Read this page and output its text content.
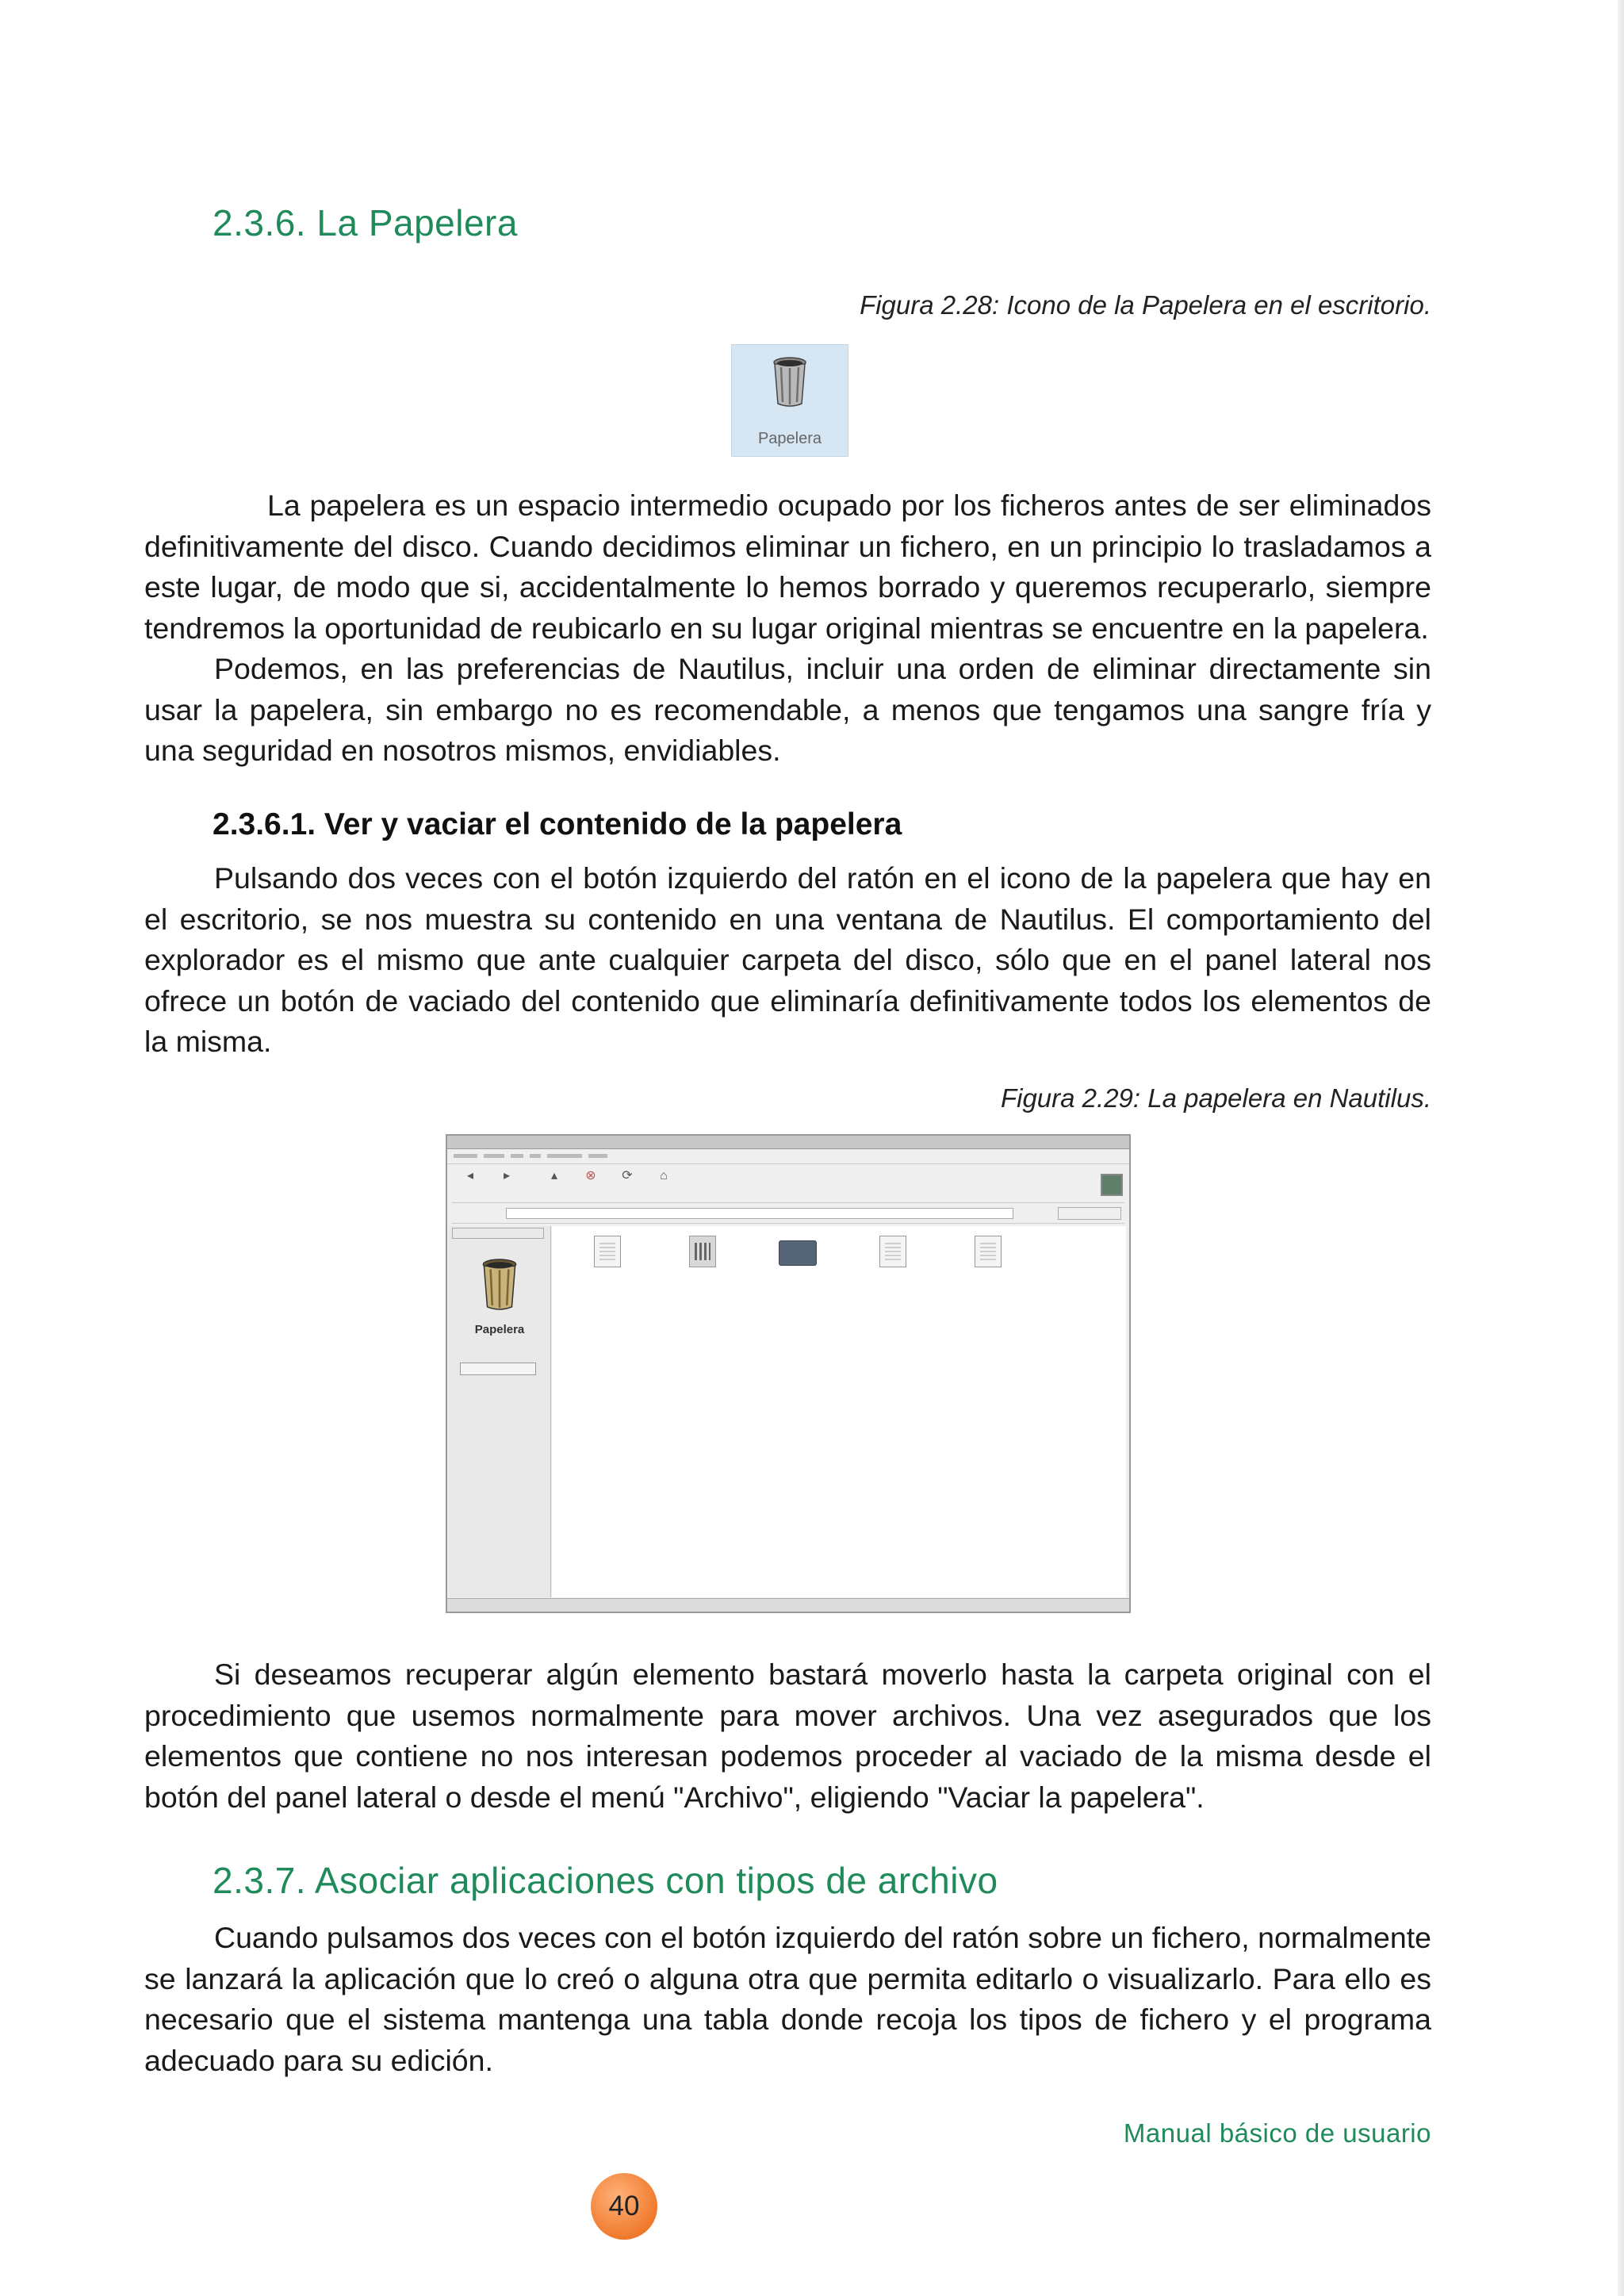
2.3.6. La Papelera
Figura 2.28: Icono de la Papelera en el escritorio.
Papelera

La papelera es un espacio intermedio ocupado por los ficheros antes de ser eliminados definitivamente del disco. Cuando decidimos eliminar un fichero, en un principio lo trasladamos a este lugar, de modo que si, accidentalmente lo hemos borrado y queremos recuperarlo, siempre tendremos la oportunidad de reubicarlo en su lugar original mientras se encuentre en la papelera.

Podemos, en las preferencias de Nautilus, incluir una orden de eliminar directamente sin usar la papelera, sin embargo no es recomendable, a menos que tengamos una sangre fría y una seguridad en nosotros mismos, envidiables.

2.3.6.1. Ver y vaciar el contenido de la papelera

Pulsando dos veces con el botón izquierdo del ratón en el icono de la papelera que hay en el escritorio, se nos muestra su contenido en una ventana de Nautilus. El comportamiento del explorador es el mismo que ante cualquier carpeta del disco, sólo que en el panel lateral nos ofrece un botón de vaciado del contenido que eliminaría definitivamente todos los elementos de la misma.

Figura 2.29: La papelera en Nautilus.
◂	▸	▴	⊗	⟳	⌂
Papelera

Si deseamos recuperar algún elemento bastará moverlo hasta la carpeta original con el procedimiento que usemos normalmente para mover archivos. Una vez asegurados que los elementos que contiene no nos interesan podemos proceder al vaciado de la misma desde el botón del panel lateral o desde el menú "Archivo", eligiendo "Vaciar la papelera".

2.3.7. Asociar aplicaciones con tipos de archivo

Cuando pulsamos dos veces con el botón izquierdo del ratón sobre un fichero, normalmente se lanzará la aplicación que lo creó o alguna otra que permita editarlo o visualizarlo. Para ello es necesario que el sistema mantenga una tabla donde recoja los tipos de fichero y el programa adecuado para su edición.

Manual básico de usuario
40
